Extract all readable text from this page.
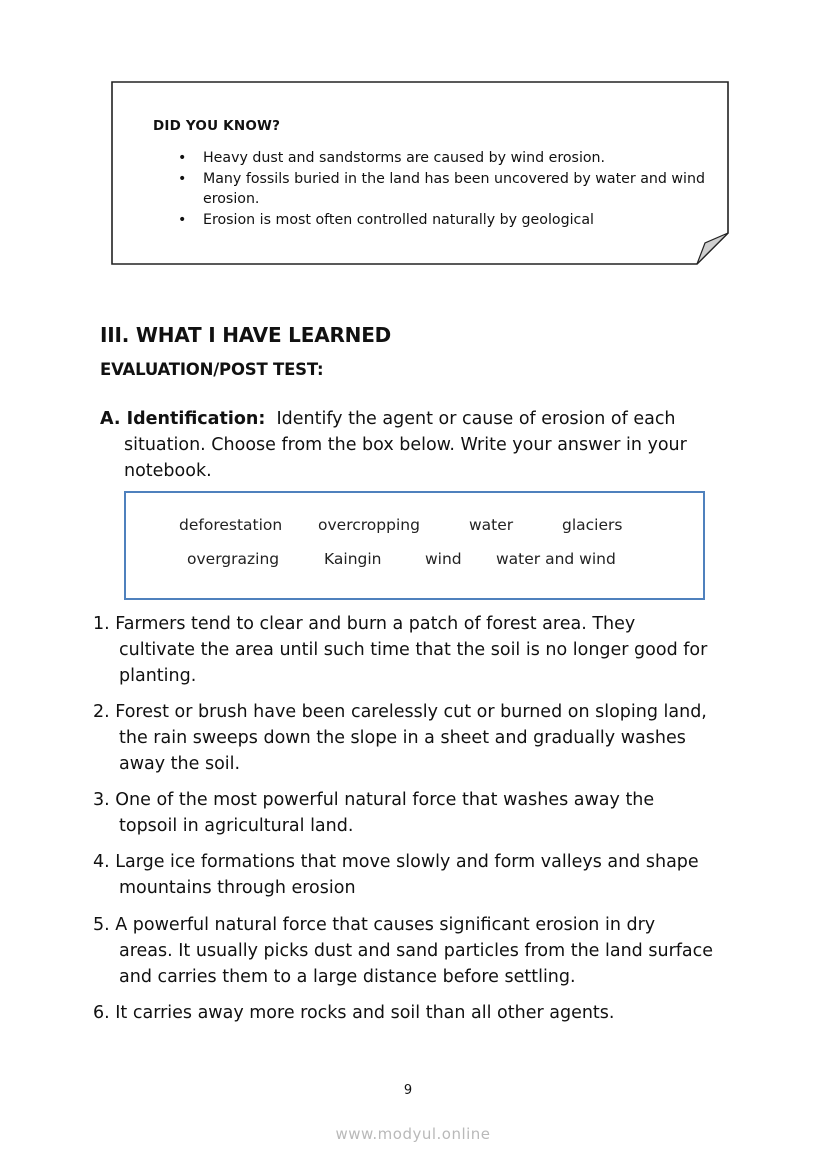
DID YOU KNOW?
• Heavy dust and sandstorms are caused by wind erosion.
• Many fossils buried in the land has been uncovered by water and wind erosion.
• Erosion is most often controlled naturally by geological
III. WHAT I HAVE LEARNED
EVALUATION/POST TEST:
A. Identification:  Identify the agent or cause of erosion of each
situation. Choose from the box below. Write your answer in your
notebook.
deforestation overcropping	water	glaciers
overgrazing	Kaingin	wind water and wind
1. Farmers tend to clear and burn a patch of forest area. They
cultivate the area until such time that the soil is no longer good for
planting.
2. Forest or brush have been carelessly cut or burned on sloping land,
the rain sweeps down the slope in a sheet and gradually washes
away the soil.
3. One of the most powerful natural force that washes away the
topsoil in agricultural land.
4. Large ice formations that move slowly and form valleys and shape
mountains through erosion
5. A powerful natural force that causes significant erosion in dry
areas. It usually picks dust and sand particles from the land surface
and carries them to a large distance before settling.
6. It carries away more rocks and soil than all other agents.
9
www.modyul.online
